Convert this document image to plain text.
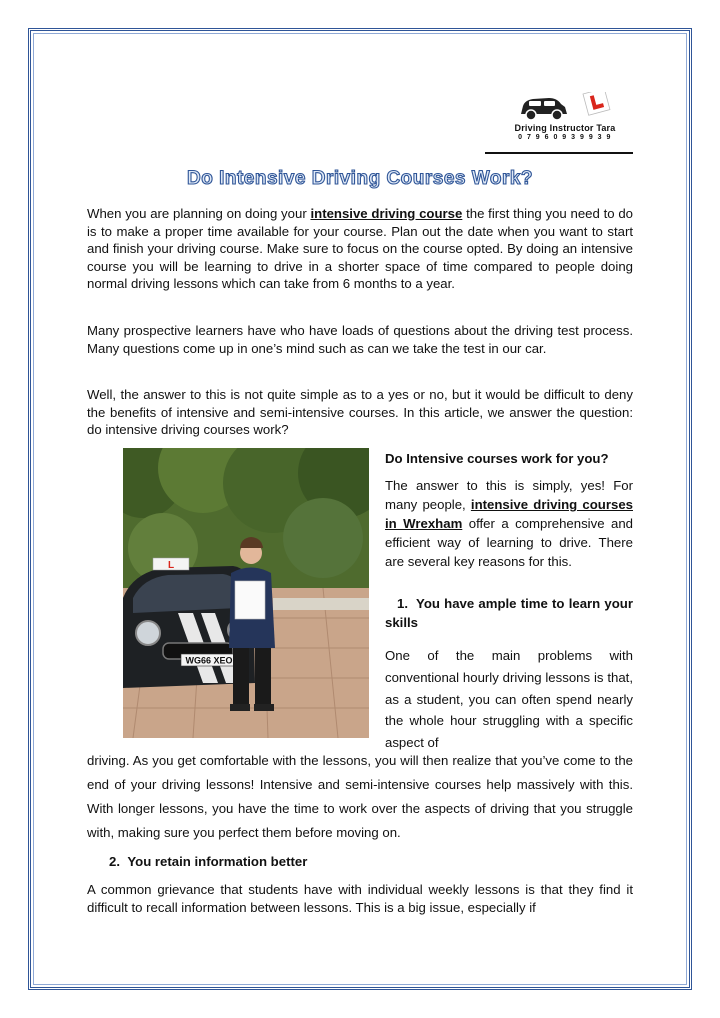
Driving Instructor Tara
0 7 9 6 0 9 3 9 9 3 9
Do Intensive Driving Courses Work?
When you are planning on doing your intensive driving course the first thing you need to do is to make a proper time available for your course. Plan out the date when you want to start and finish your driving course. Make sure to focus on the course opted. By doing an intensive course you will be learning to drive in a shorter space of time compared to people doing normal driving lessons which can take from 6 months to a year.
Many prospective learners have who have loads of questions about the driving test process. Many questions come up in one’s mind such as can we take the test in our car.
Well, the answer to this is not quite simple as to a yes or no, but it would be difficult to deny the benefits of intensive and semi-intensive courses. In this article, we answer the question: do intensive driving courses work?
L
WG66 XEO
Do Intensive courses work for you?
The answer to this is simply, yes! For many people, intensive driving courses in Wrexham offer a comprehensive and efficient way of learning to drive. There are several key reasons for this.
1. You have ample time to learn your skills
One of the main problems with conventional hourly driving lessons is that, as a student, you can often spend nearly the whole hour struggling with a specific aspect of
driving. As you get comfortable with the lessons, you will then realize that you’ve come to the end of your driving lessons! Intensive and semi-intensive courses help massively with this. With longer lessons, you have the time to work over the aspects of driving that you struggle with, making sure you perfect them before moving on.
2. You retain information better
A common grievance that students have with individual weekly lessons is that they find it difficult to recall information between lessons. This is a big issue, especially if
